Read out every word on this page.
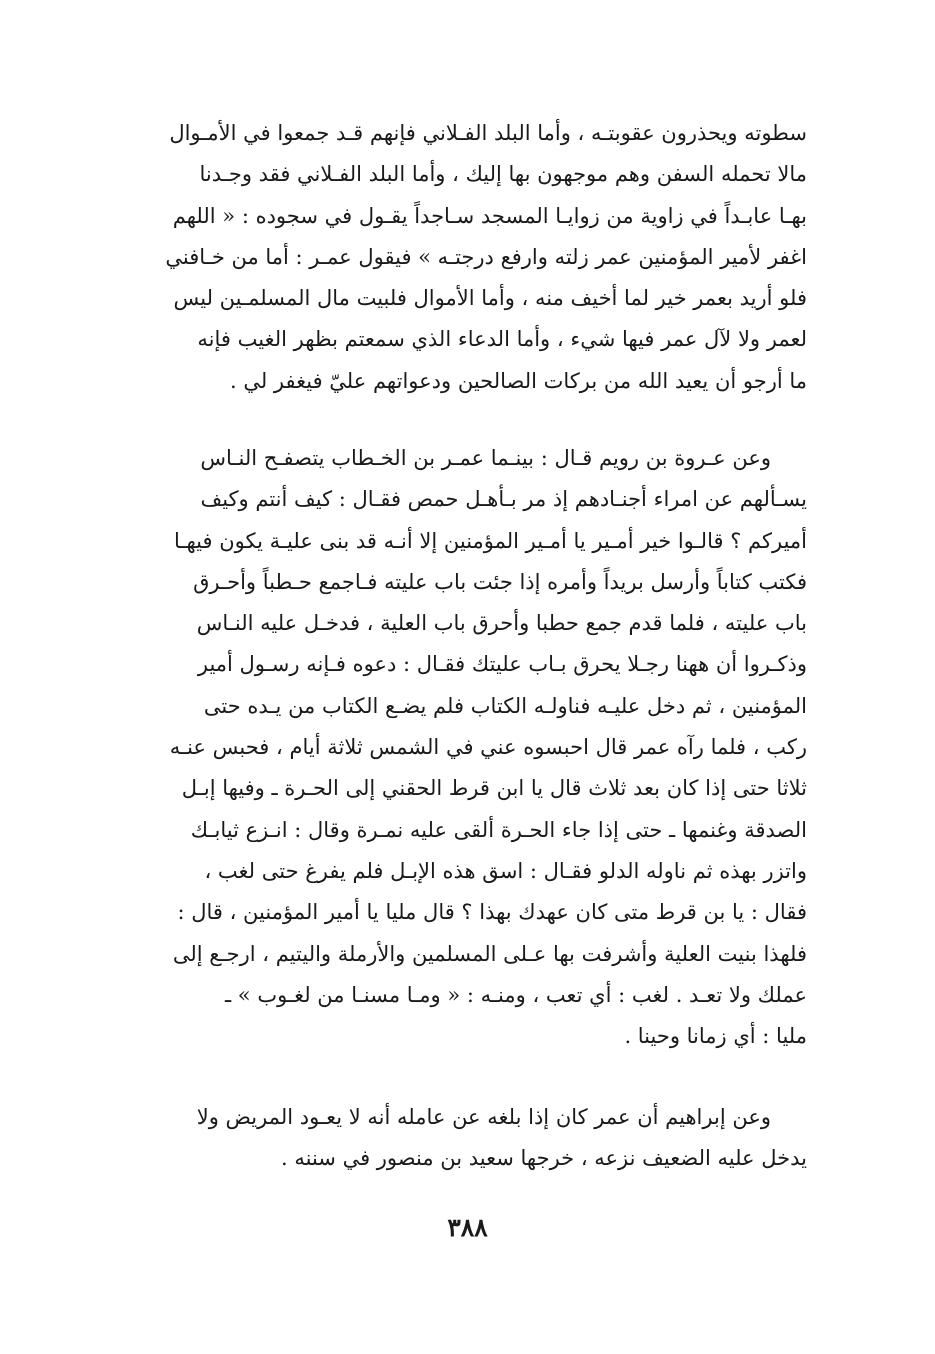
سطوته ويحذرون عقوبتـه ، وأما البلد الفـلاني فإنهم قـد جمعوا في الأمـوال
مالا تحمله السفن وهم موجهون بها إليك ، وأما البلد الفـلاني فقد وجـدنا
بهـا عابـداً في زاوية من زوايـا المسجد سـاجداً يقـول في سجوده : « اللهم
اغفر لأمير المؤمنين عمر زلته وارفع درجتـه » فيقول عمـر : أما من خـافني
فلو أريد بعمر خير لما أخيف منه ، وأما الأموال فلبيت مال المسلمـين ليس
لعمر ولا لآل عمر فيها شيء ، وأما الدعاء الذي سمعتم بظهر الغيب فإنه
ما أرجو أن يعيد الله من بركات الصالحين ودعواتهم عليّ فيغفر لي .
وعن عـروة بن رويم قـال : بينـما عمـر بن الخـطاب يتصفـح النـاس
يسـألهم عن امراء أجنـادهم إذ مر بـأهـل حمص فقـال : كيف أنتم وكيف
أميركم ؟ قالـوا خير أمـير يا أمـير المؤمنين إلا أنـه قد بنى عليـة يكون فيهـا
فكتب كتاباً وأرسل بريداً وأمره إذا جئت باب عليته فـاجمع حـطباً وأحـرق
باب عليته ، فلما قدم جمع حطبا وأحرق باب العلية ، فدخـل عليه النـاس
وذكـروا أن ههنا رجـلا يحرق بـاب عليتك فقـال : دعوه فـإنه رسـول أمير
المؤمنين ، ثم دخل عليـه فناولـه الكتاب فلم يضـع الكتاب من يـده حتى
ركب ، فلما رآه عمر قال احبسوه عني في الشمس ثلاثة أيام ، فحبس عنـه
ثلاثا حتى إذا كان بعد ثلاث قال يا ابن قرط الحقني إلى الحـرة ـ وفيها إبـل
الصدقة وغنمها ـ حتى إذا جاء الحـرة ألقى عليه نمـرة وقال : انـزع ثيابـك
واتزر بهذه ثم ناوله الدلو فقـال : اسق هذه الإبـل فلم يفرغ حتى لغب ،
فقال : يا بن قرط متى كان عهدك بهذا ؟ قال مليا يا أمير المؤمنين ، قال :
فلهذا بنيت العلية وأشرفت بها عـلى المسلمين والأرملة واليتيم ، ارجـع إلى
عملك ولا تعـد . لغب : أي تعب ، ومنـه : « ومـا مسنـا من لغـوب » ـ
مليا : أي زمانا وحينا .
وعن إبراهيم أن عمر كان إذا بلغه عن عامله أنه لا يعـود المريض ولا
يدخل عليه الضعيف نزعه ، خرجها سعيد بن منصور في سننه .
٣٨٨
